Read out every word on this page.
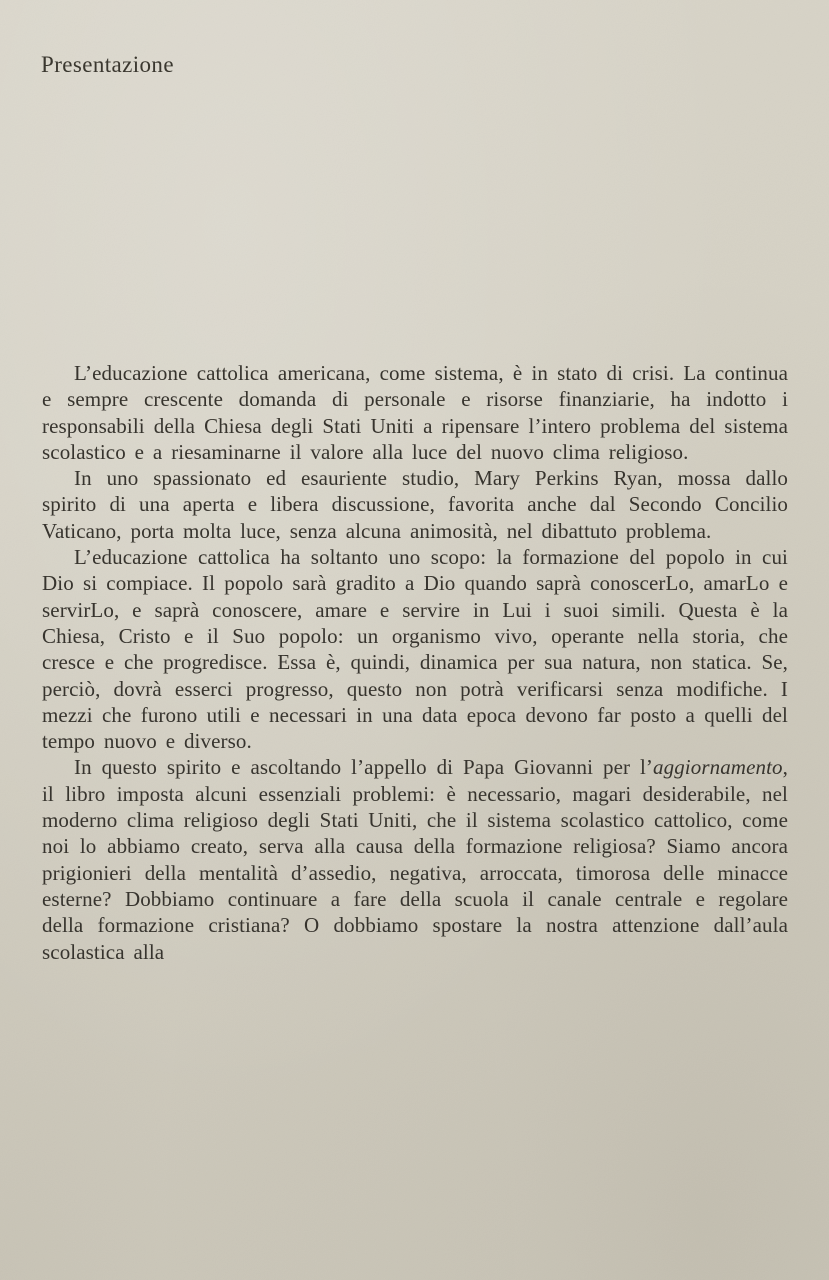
Presentazione

L’educazione cattolica americana, come sistema, è in stato di crisi. La continua e sempre crescente domanda di personale e risorse finanziarie, ha indotto i responsabili della Chiesa degli Stati Uniti a ripensare l’intero problema del sistema scolastico e a riesaminarne il valore alla luce del nuovo clima religioso.

In uno spassionato ed esauriente studio, Mary Perkins Ryan, mossa dallo spirito di una aperta e libera discussione, favorita anche dal Secondo Concilio Vaticano, porta molta luce, senza alcuna animosità, nel dibattuto problema.

L’educazione cattolica ha soltanto uno scopo: la formazione del popolo in cui Dio si compiace. Il popolo sarà gradito a Dio quando saprà conoscerLo, amarLo e servirLo, e saprà conoscere, amare e servire in Lui i suoi simili. Questa è la Chiesa, Cristo e il Suo popolo: un organismo vivo, operante nella storia, che cresce e che progredisce. Essa è, quindi, dinamica per sua natura, non statica. Se, perciò, dovrà esserci progresso, questo non potrà verificarsi senza modifiche. I mezzi che furono utili e necessari in una data epoca devono far posto a quelli del tempo nuovo e diverso.

In questo spirito e ascoltando l’appello di Papa Giovanni per l’aggiornamento, il libro imposta alcuni essenziali problemi: è necessario, magari desiderabile, nel moderno clima religioso degli Stati Uniti, che il sistema scolastico cattolico, come noi lo abbiamo creato, serva alla causa della formazione religiosa? Siamo ancora prigionieri della mentalità d’assedio, negativa, arroccata, timorosa delle minacce esterne? Dobbiamo continuare a fare della scuola il canale centrale e regolare della formazione cristiana? O dobbiamo spostare la nostra attenzione dall’aula scolastica alla
